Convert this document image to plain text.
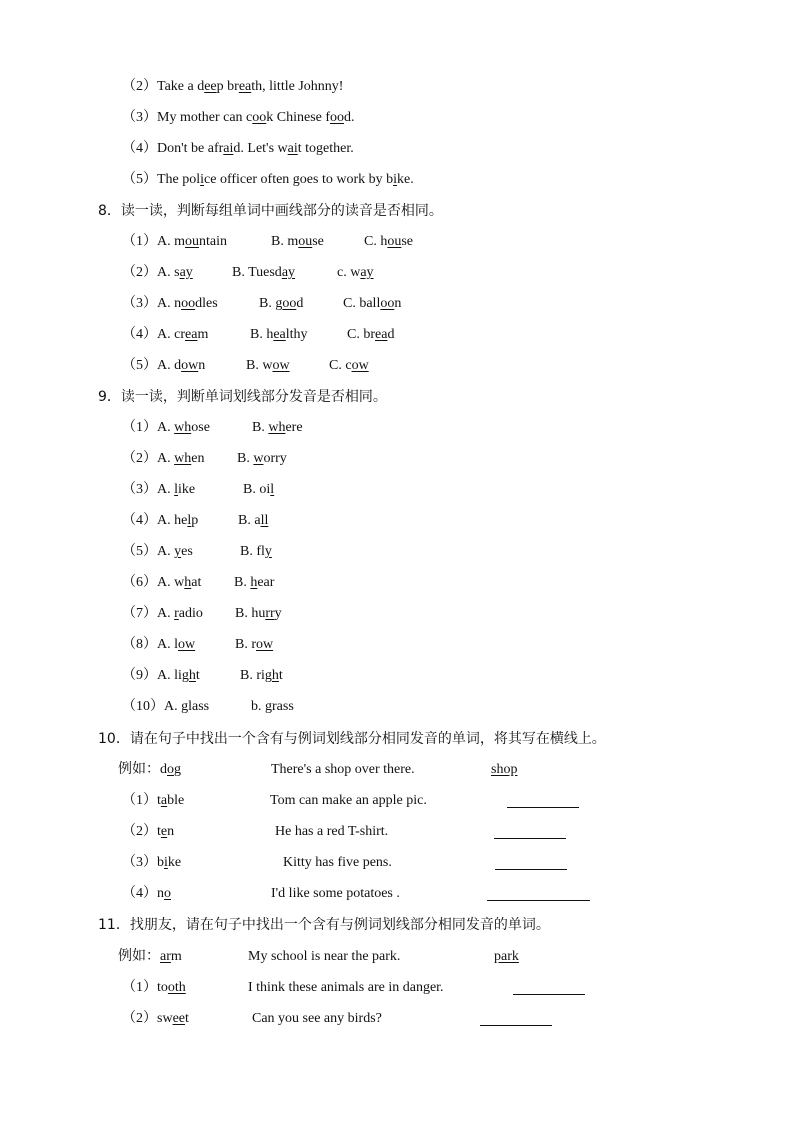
（2）Take a deep breath, little Johnny!
（3）My mother can cook Chinese food.
（4）Don't be afraid. Let's wait together.
（5）The police officer often goes to work by bike.
8．读一读，判断每组单词中画线部分的读音是否相同。
（1）A. mountain	B. mouse	C. house
（2）A. say	B. Tuesday	c. way
（3）A. noodles	B. good	C. balloon
（4）A. cream	B. healthy	C. bread
（5）A. down	B. wow	C. cow
9．读一读，判断单词划线部分发音是否相同。
（1）A. whose	B. where
（2）A. when B. worry
（3）A. like	B. oil
（4）A. help	B. all
（5）A. yes	B. fly
（6）A. what B. hear
（7）A. radio B. hurry
（8）A. low	B. row
（9）A. light	B. right
（10）A. glass	b. grass
10．请在句子中找出一个含有与例词划线部分相同发音的单词，将其写在横线上。
例如：dog	There's a shop over there.	shop
（1）table	Tom can make an apple pic.
（2）ten	He has a red T-shirt.
（3）bike	Kitty has five pens.
（4）no	I'd like some potatoes .
11．找朋友，请在句子中找出一个含有与例词划线部分相同发音的单词。
例如：arm	My school is near the park.	park
（1）tooth	I think these animals are in danger.
（2）sweet	Can you see any birds?
